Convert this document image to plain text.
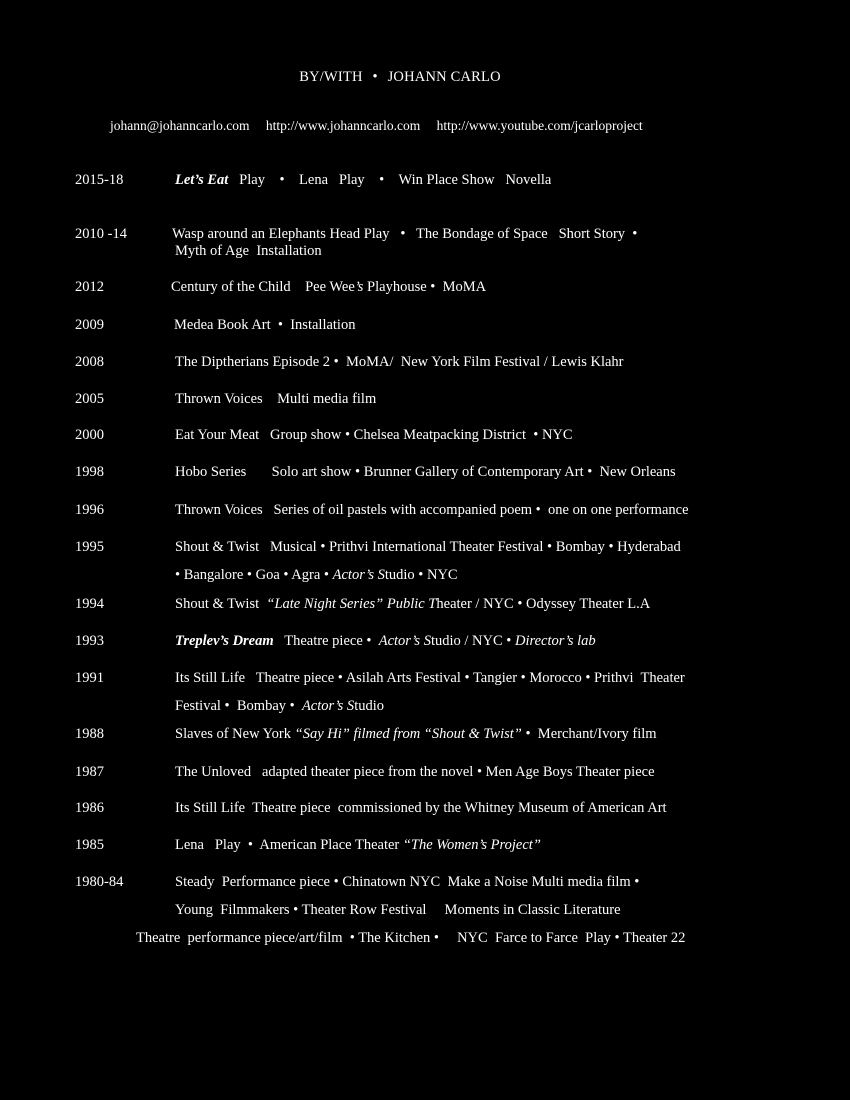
BY/WITH • JOHANN CARLO
johann@johanncarlo.com http://www.johanncarlo.com http://www.youtube.com/jcarloproject
2015-18	Let’s Eat Play • Lena Play • Win Place Show Novella
2010 -14	Wasp around an Elephants Head Play   •   The Bondage of Space   Short Story  •
Myth of Age  Installation
2012	Century of the Child    Pee Wee’s Playhouse •  MoMA
2009	Medea Book Art  •  Installation
2008	The Diptherians Episode 2 •  MoMA/  New York Film Festival / Lewis Klahr
2005	Thrown Voices    Multi media film
2000	Eat Your Meat   Group show • Chelsea Meatpacking District  • NYC
1998	Hobo Series       Solo art show • Brunner Gallery of Contemporary Art •  New Orleans
1996	Thrown Voices   Series of oil pastels with accompanied poem •  one on one performance
1995	Shout & Twist   Musical • Prithvi International Theater Festival • Bombay • Hyderabad
• Bangalore • Goa • Agra • Actor’s Studio • NYC
1994	Shout & Twist  “Late Night Series” Public Theater / NYC • Odyssey Theater L.A
1993	Treplev’s Dream   Theatre piece •  Actor’s Studio / NYC • Director’s lab
1991	Its Still Life   Theatre piece • Asilah Arts Festival • Tangier • Morocco • Prithvi  Theater
Festival •  Bombay •  Actor’s Studio
1988	Slaves of New York “Say Hi” filmed from “Shout & Twist” •  Merchant/Ivory film
1987	The Unloved   adapted theater piece from the novel • Men Age Boys Theater piece
1986	Its Still Life  Theatre piece  commissioned by the Whitney Museum of American Art
1985	Lena   Play  •  American Place Theater “The Women’s Project”
1980-84	Steady  Performance piece • Chinatown NYC  Make a Noise Multi media film •
Young  Filmmakers • Theater Row Festival     Moments in Classic Literature
Theatre  performance piece/art/film  • The Kitchen •     NYC  Farce to Farce  Play • Theater 22
